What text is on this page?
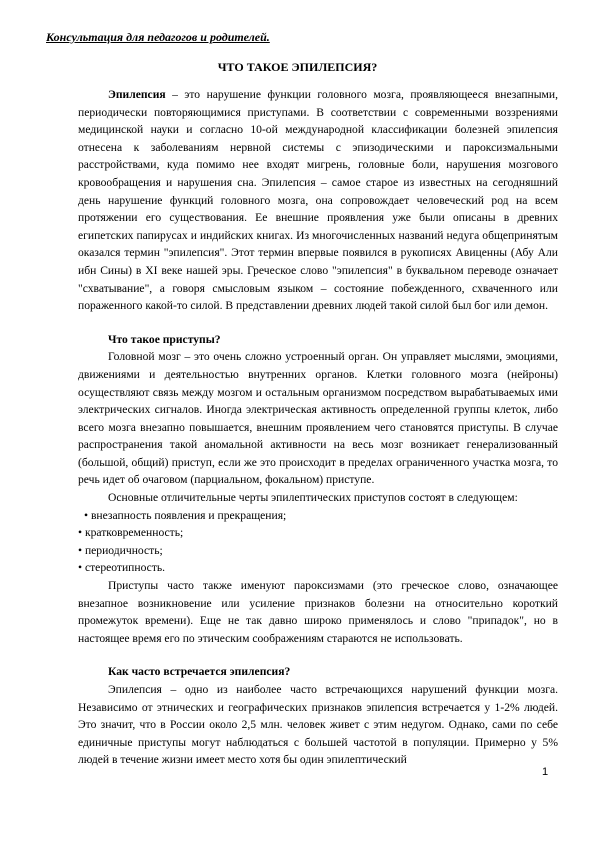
Консультация для педагогов и родителей.
ЧТО ТАКОЕ ЭПИЛЕПСИЯ?

Эпилепсия – это нарушение функции головного мозга, проявляющееся внезапными, периодически повторяющимися приступами. В соответствии с современными воззрениями медицинской науки и согласно 10-ой международной классификации болезней эпилепсия отнесена к заболеваниям нервной системы с эпизодическими и пароксизмальными расстройствами, куда помимо нее входят мигрень, головные боли, нарушения мозгового кровообращения и нарушения сна. Эпилепсия – самое старое из известных на сегодняшний день нарушение функций головного мозга, она сопровождает человеческий род на всем протяжении его существования. Ее внешние проявления уже были описаны в древних египетских папирусах и индийских книгах. Из многочисленных названий недуга общепринятым оказался термин "эпилепсия". Этот термин впервые появился в рукописях Авиценны (Абу Али ибн Сины) в XI веке нашей эры. Греческое слово "эпилепсия" в буквальном переводе означает "схватывание", а говоря смысловым языком – состояние побежденного, схваченного или пораженного какой-то силой. В представлении древних людей такой силой был бог или демон.

Что такое приступы?

Головной мозг – это очень сложно устроенный орган. Он управляет мыслями, эмоциями, движениями и деятельностью внутренних органов. Клетки головного мозга (нейроны) осуществляют связь между мозгом и остальным организмом посредством вырабатываемых ими электрических сигналов. Иногда электрическая активность определенной группы клеток, либо всего мозга внезапно повышается, внешним проявлением чего становятся приступы. В случае распространения такой аномальной активности на весь мозг возникает генерализованный (большой, общий) приступ, если же это происходит в пределах ограниченного участка мозга, то речь идет об очаговом (парциальном, фокальном) приступе.

Основные отличительные черты эпилептических приступов состоят в следующем:

• внезапность появления и прекращения;

• кратковременность;

• периодичность;

• стереотипность.

Приступы часто также именуют пароксизмами (это греческое слово, означающее внезапное возникновение или усиление признаков болезни на относительно короткий промежуток времени). Еще не так давно широко применялось и слово "припадок", но в настоящее время его по этическим соображениям стараются не использовать.

Как часто встречается эпилепсия?

Эпилепсия – одно из наиболее часто встречающихся нарушений функции мозга. Независимо от этнических и географических признаков эпилепсия встречается у 1-2% людей. Это значит, что в России около 2,5 млн. человек живет с этим недугом. Однако, сами по себе единичные приступы могут наблюдаться с большей частотой в популяции. Примерно у 5% людей в течение жизни имеет место хотя бы один эпилептический

1
